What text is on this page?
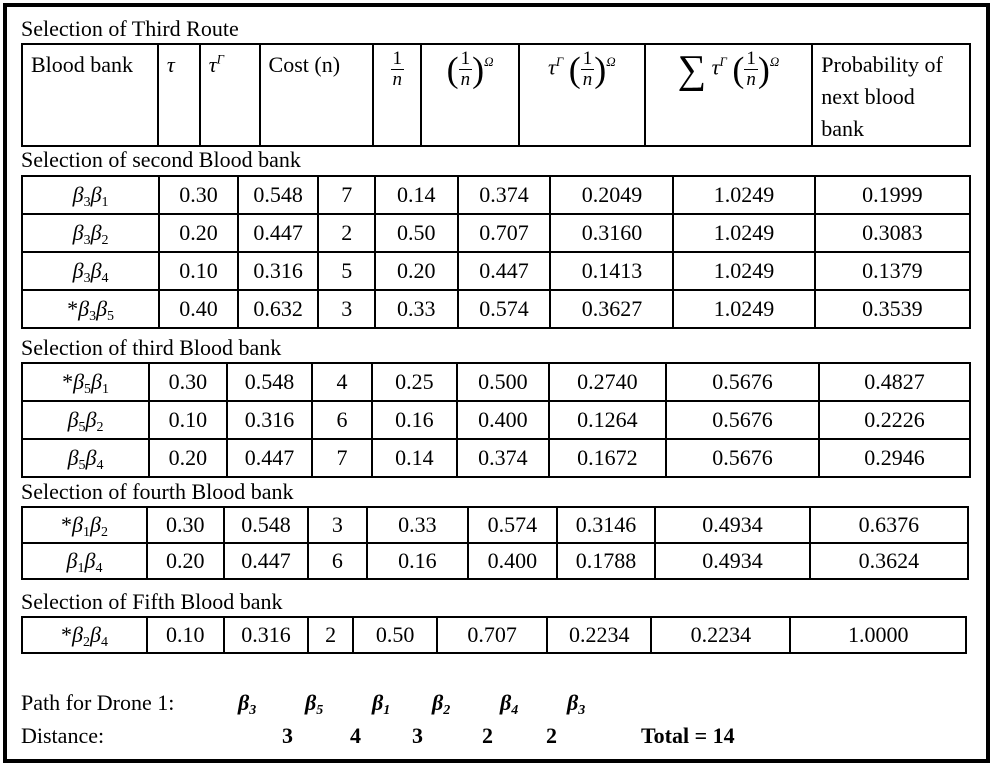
Selection of Third Route
Blood bank	τ	$\tau^\Gamma$	Cost (n)	$\frac{1}{n}$	( $\frac{1}{n} )^\Omega$	$\tau^\Gamma$ ( $\frac{1}{n} )^\Omega$	∑ $\tau^\Gamma$ ( $\frac{1}{n} )^\Omega$	Probability of next blood bank
Selection of second Blood bank
$\beta_3\beta_1$	0.30	0.548	7	0.14	0.374	0.2049	1.0249	0.1999
$\beta_3\beta_2$	0.20	0.447	2	0.50	0.707	0.3160	1.0249	0.3083
$\beta_3\beta_4$	0.10	0.316	5	0.20	0.447	0.1413	1.0249	0.1379
$*\beta_3\beta_5$	0.40	0.632	3	0.33	0.574	0.3627	1.0249	0.3539
Selection of third Blood bank
$*\beta_5\beta_1$	0.30	0.548	4	0.25	0.500	0.2740	0.5676	0.4827
$\beta_5\beta_2$	0.10	0.316	6	0.16	0.400	0.1264	0.5676	0.2226
$\beta_5\beta_4$	0.20	0.447	7	0.14	0.374	0.1672	0.5676	0.2946
Selection of fourth Blood bank
$*\beta_1\beta_2$	0.30	0.548	3	0.33	0.574	0.3146	0.4934	0.6376
$\beta_1\beta_4$	0.20	0.447	6	0.16	0.400	0.1788	0.4934	0.3624
Selection of Fifth Blood bank
$*\beta_2\beta_4$	0.10	0.316	2	0.50	0.707	0.2234	0.2234	1.0000
Path for Drone 1:	$\beta_3$ $\beta_5$ $\beta_1$ $\beta_2$ $\beta_4$ $\beta_3$
Distance:	3	4 3	2 2	Total = 14
